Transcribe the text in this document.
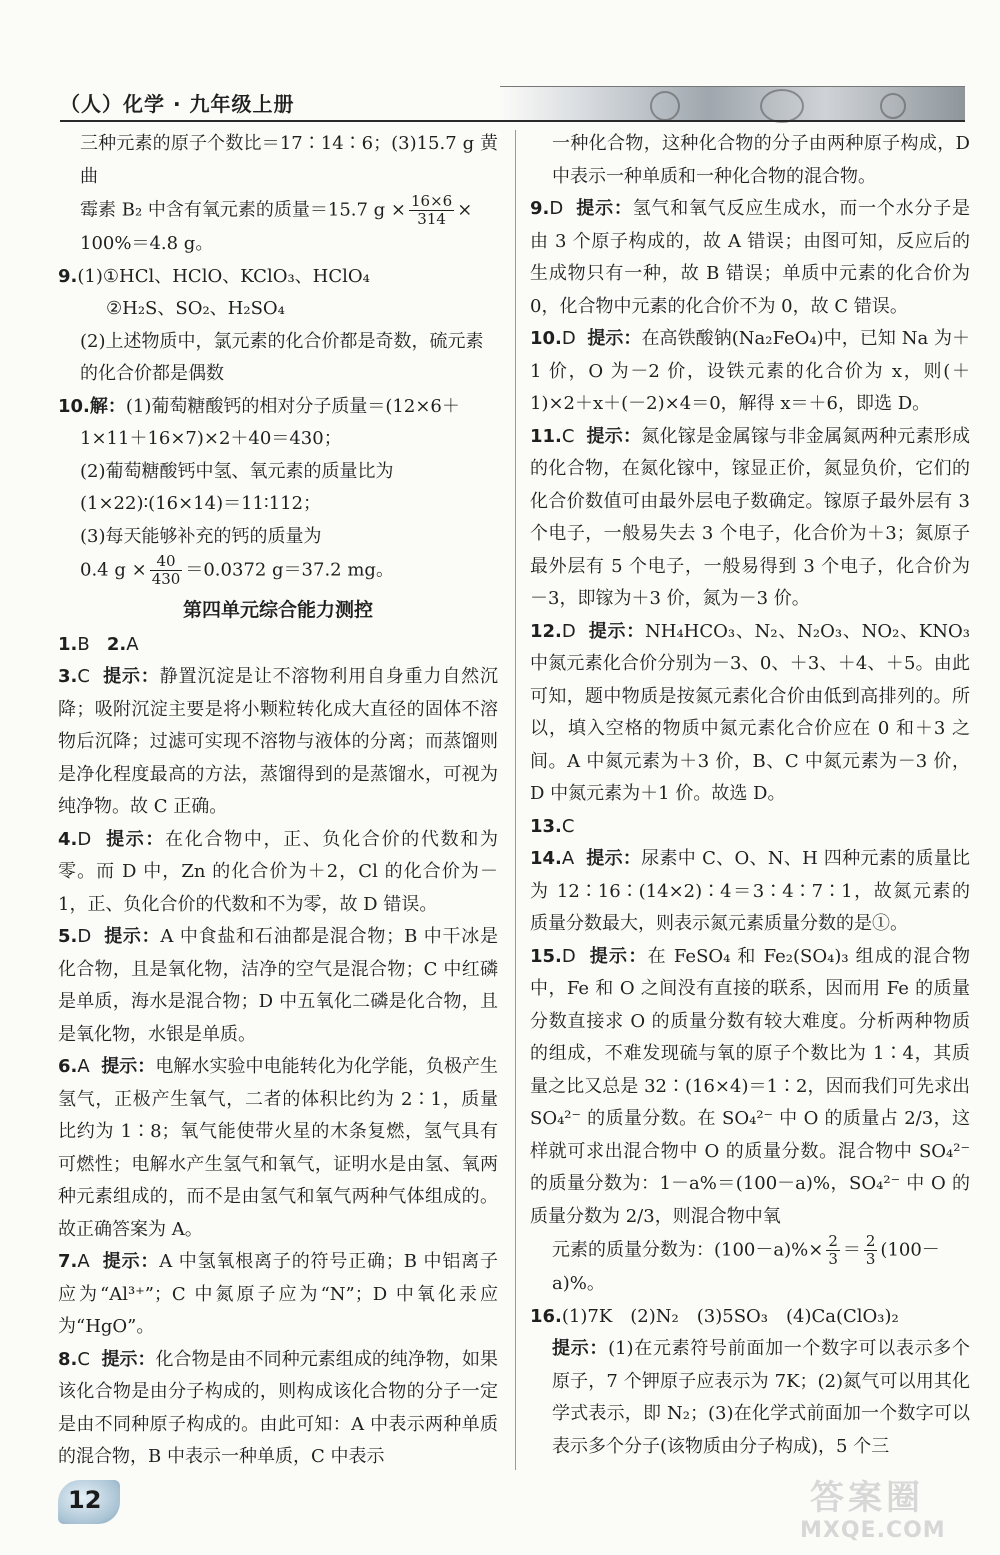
（人）化学 · 九年级上册

三种元素的原子个数比＝17∶14∶6；(3)15.7 g 黄曲

霉素 B₂ 中含有氧元素的质量＝15.7 $g \times \frac{16\times 6}{314}$ ×

100%＝4.8 g。

9.(1)①HCl、HClO、KClO₃、HClO₄

②H₂S、SO₂、H₂SO₄

(2)上述物质中，氯元素的化合价都是奇数，硫元素

的化合价都是偶数

10.解：(1)葡萄糖酸钙的相对分子质量＝(12×6＋

1×11＋16×7)×2＋40＝430；

(2)葡萄糖酸钙中氢、氧元素的质量比为

(1×22)∶(16×14)＝11∶112；

(3)每天能够补充的钙的质量为

0.4 $g \times \frac{40}{430} =0.0372$ g＝37.2 mg。

第四单元综合能力测控

1.B 2.A

3.C 提示：静置沉淀是让不溶物利用自身重力自然沉降；吸附沉淀主要是将小颗粒转化成大直径的固体不溶物后沉降；过滤可实现不溶物与液体的分离；而蒸馏则是净化程度最高的方法，蒸馏得到的是蒸馏水，可视为纯净物。故 C 正确。

4.D 提示：在化合物中，正、负化合价的代数和为零。而 D 中，Zn 的化合价为＋2，Cl 的化合价为－1，正、负化合价的代数和不为零，故 D 错误。

5.D 提示：A 中食盐和石油都是混合物；B 中干冰是化合物，且是氧化物，洁净的空气是混合物；C 中红磷是单质，海水是混合物；D 中五氧化二磷是化合物，且是氧化物，水银是单质。

6.A 提示：电解水实验中电能转化为化学能，负极产生氢气，正极产生氧气，二者的体积比约为 2∶1，质量比约为 1∶8；氧气能使带火星的木条复燃，氢气具有可燃性；电解水产生氢气和氧气，证明水是由氢、氧两种元素组成的，而不是由氢气和氧气两种气体组成的。故正确答案为 A。

7.A 提示：A 中氢氧根离子的符号正确；B 中铝离子应为“Al³⁺”；C 中氮原子应为“N”；D 中氧化汞应为“HgO”。

8.C 提示：化合物是由不同种元素组成的纯净物，如果该化合物是由分子构成的，则构成该化合物的分子一定是由不同种原子构成的。由此可知：A 中表示两种单质的混合物，B 中表示一种单质，C 中表示

一种化合物，这种化合物的分子由两种原子构成，D 中表示一种单质和一种化合物的混合物。

9.D 提示：氢气和氧气反应生成水，而一个水分子是由 3 个原子构成的，故 A 错误；由图可知，反应后的生成物只有一种，故 B 错误；单质中元素的化合价为 0，化合物中元素的化合价不为 0，故 C 错误。

10.D 提示：在高铁酸钠(Na₂FeO₄)中，已知 Na 为＋1 价，O 为－2 价，设铁元素的化合价为 x，则(＋1)×2＋x＋(－2)×4＝0，解得 x＝＋6，即选 D。

11.C 提示：氮化镓是金属镓与非金属氮两种元素形成的化合物，在氮化镓中，镓显正价，氮显负价，它们的化合价数值可由最外层电子数确定。镓原子最外层有 3 个电子，一般易失去 3 个电子，化合价为＋3；氮原子最外层有 5 个电子，一般易得到 3 个电子，化合价为－3，即镓为＋3 价，氮为－3 价。

12.D 提示：NH₄HCO₃、N₂、N₂O₃、NO₂、KNO₃ 中氮元素化合价分别为－3、0、＋3、＋4、＋5。由此可知，题中物质是按氮元素化合价由低到高排列的。所以，填入空格的物质中氮元素化合价应在 0 和＋3 之间。A 中氮元素为＋3 价，B、C 中氮元素为－3 价，D 中氮元素为＋1 价。故选 D。

13.C

14.A 提示：尿素中 C、O、N、H 四种元素的质量比为 12∶16∶(14×2)∶4＝3∶4∶7∶1，故氮元素的质量分数最大，则表示氮元素质量分数的是①。

15.D 提示：在 FeSO₄ 和 Fe₂(SO₄)₃ 组成的混合物中，Fe 和 O 之间没有直接的联系，因而用 Fe 的质量分数直接求 O 的质量分数有较大难度。分析两种物质的组成，不难发现硫与氧的原子个数比为 1∶4，其质量之比又总是 32∶(16×4)＝1∶2，因而我们可先求出 SO₄²⁻ 的质量分数。在 SO₄²⁻ 中 O 的质量占 2/3，这样就可求出混合物中 O 的质量分数。混合物中 SO₄²⁻ 的质量分数为：1－a%＝(100－a)%，SO₄²⁻ 中 O 的质量分数为 2/3，则混合物中氧

元素的质量分数为：$(100-a)\%\times \frac{2}{3} = \frac{2}{3} (100-$

a)%。

16.(1)7K　(2)N₂　(3)5SO₃　(4)Ca(ClO₃)₂

提示：(1)在元素符号前面加一个数字可以表示多个原子，7 个钾原子应表示为 7K；(2)氮气可以用其化学式表示，即 N₂；(3)在化学式前面加一个数字可以表示多个分子(该物质由分子构成)，5 个三

12	答案圈
MXQE.COM
